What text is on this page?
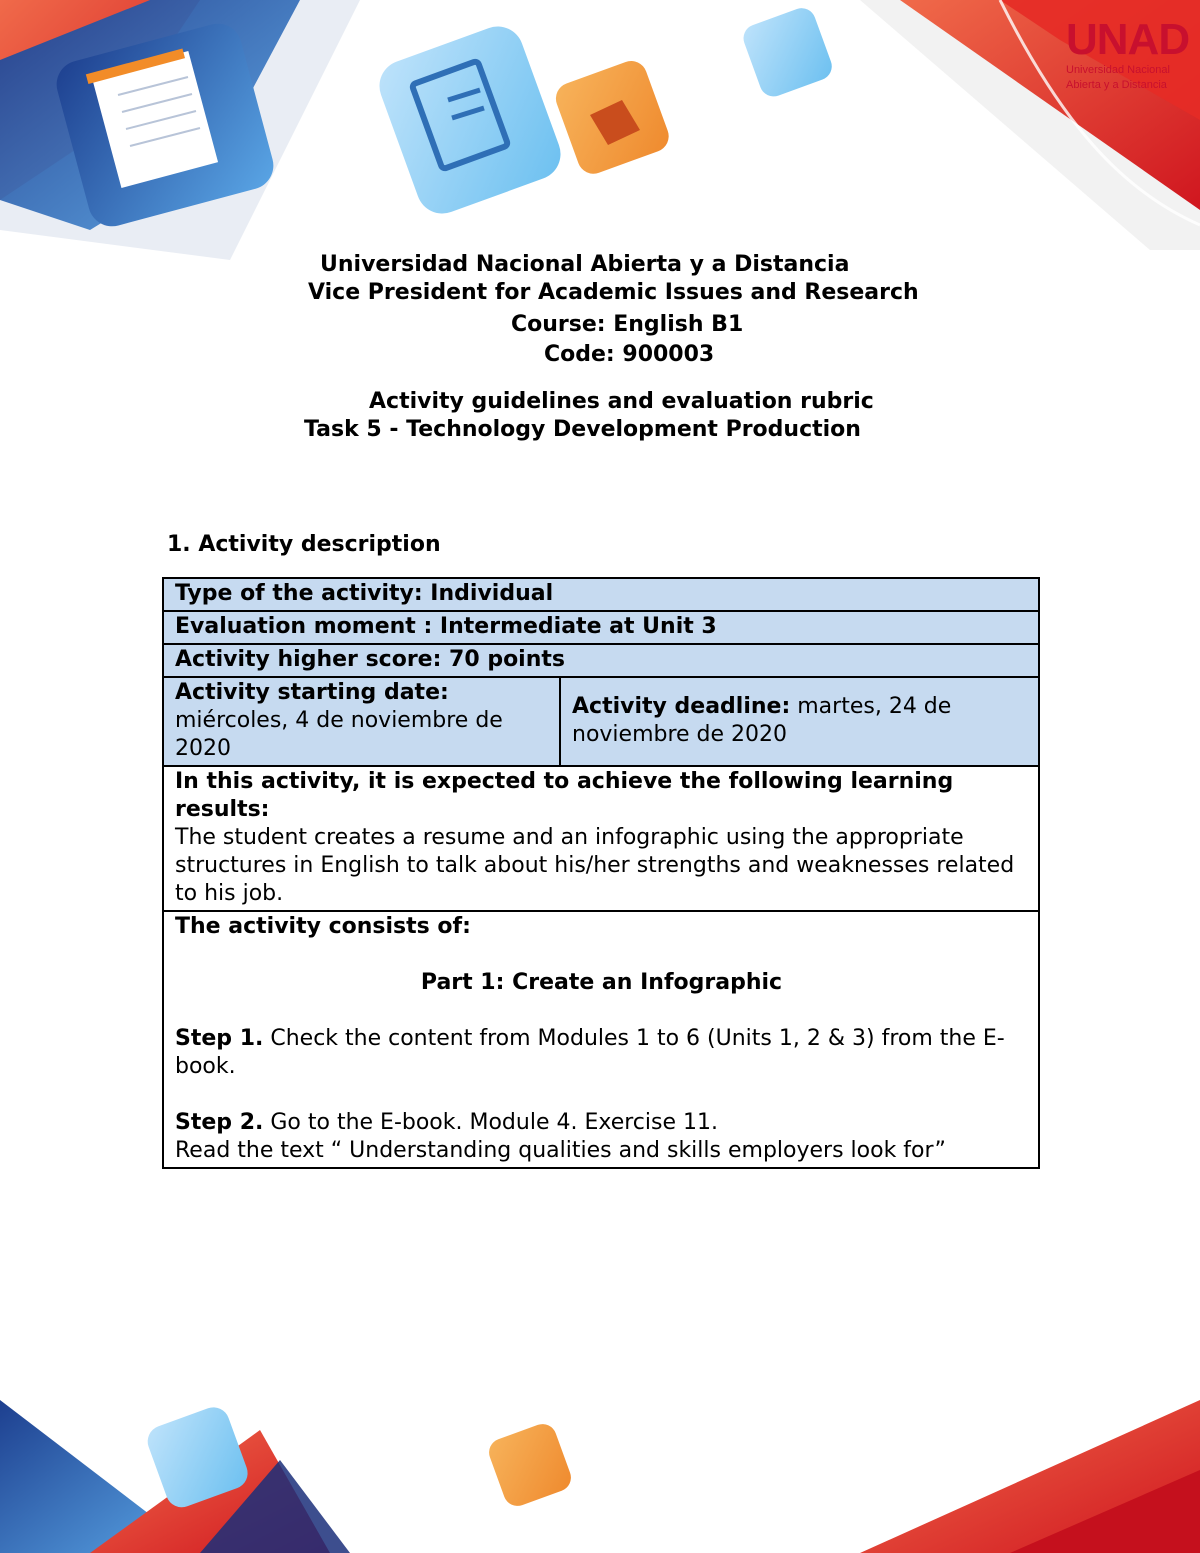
UNAD
Universidad Nacional
Abierta y a Distancia
Universidad Nacional Abierta y a Distancia
Vice President for Academic Issues and Research
Course: English B1
Code: 900003
Activity guidelines and evaluation rubric
Task 5 - Technology Development Production
1. Activity description
Type of the activity: Individual
Evaluation moment : Intermediate at Unit 3
Activity higher score: 70 points
Activity starting date:
miércoles, 4 de noviembre de 2020	Activity deadline: martes, 24 de noviembre de 2020

In this activity, it is expected to achieve the following learning results:
The student creates a resume and an infographic using the appropriate structures in English to talk about his/her strengths and weaknesses related to his job.

The activity consists of:
Part 1: Create an Infographic
Step 1. Check the content from Modules 1 to 6 (Units 1, 2 & 3) from the E-book.
Step 2. Go to the E-book. Module 4. Exercise 11.
Read the text “ Understanding qualities and skills employers look for”
